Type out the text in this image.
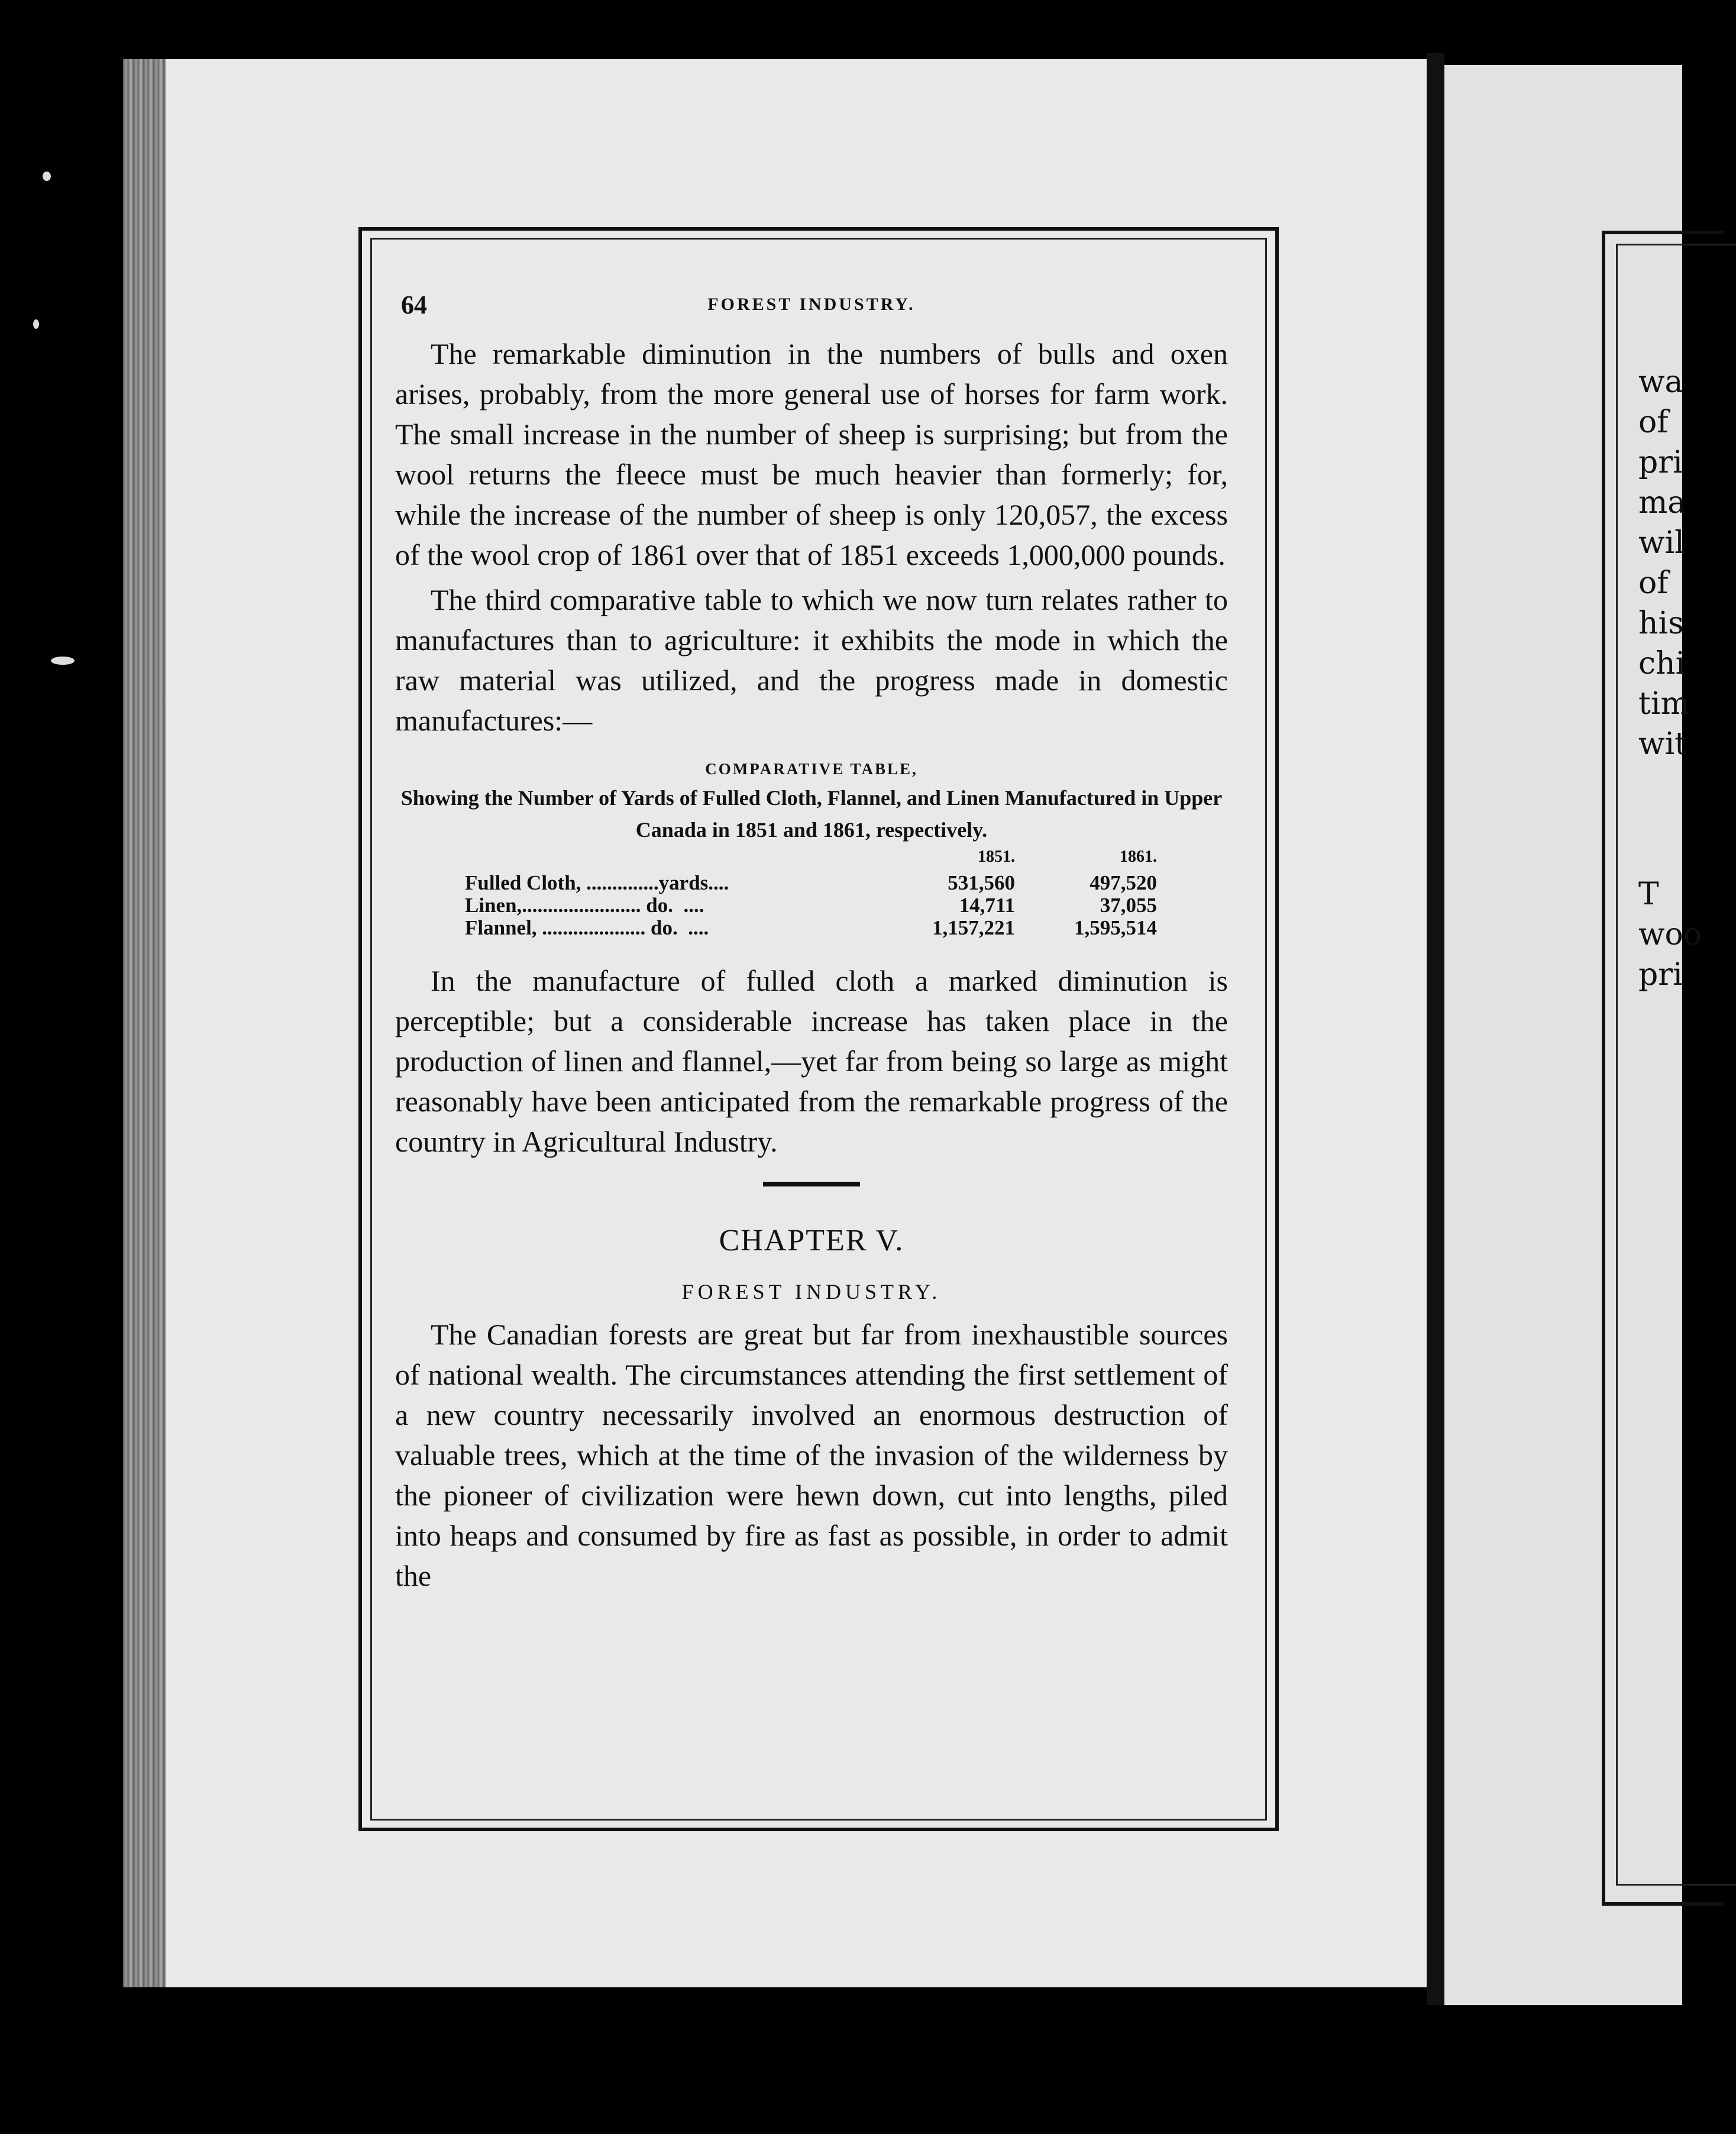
wa
of
pri
ma
wil
of
his
chi
tim
wit
T
woo
pri
64	FOREST INDUSTRY.

The remarkable diminution in the numbers of bulls and oxen arises, probably, from the more general use of horses for farm work. The small increase in the number of sheep is surprising; but from the wool returns the fleece must be much heavier than formerly; for, while the increase of the number of sheep is only 120,057, the excess of the wool crop of 1861 over that of 1851 exceeds 1,000,000 pounds.

The third comparative table to which we now turn relates rather to manufactures than to agriculture: it exhibits the mode in which the raw material was utilized, and the progress made in domestic manufactures:—

COMPARATIVE TABLE,
Showing the Number of Yards of Fulled Cloth, Flannel, and Linen Manufactured in Upper Canada in 1851 and 1861, respectively.
	1851.	1861.
Fulled Cloth, ..............yards....	531,560	497,520
Linen,....................... do.  ....	14,711	37,055
Flannel, .................... do.  ....	1,157,221	1,595,514

In the manufacture of fulled cloth a marked diminution is perceptible; but a considerable increase has taken place in the production of linen and flannel,—yet far from being so large as might reasonably have been anticipated from the remarkable progress of the country in Agricultural Industry.

CHAPTER V.
FOREST INDUSTRY.

The Canadian forests are great but far from inexhaustible sources of national wealth. The circumstances attending the first settlement of a new country necessarily involved an enormous destruction of valuable trees, which at the time of the invasion of the wilderness by the pioneer of civilization were hewn down, cut into lengths, piled into heaps and consumed by fire as fast as possible, in order to admit the
